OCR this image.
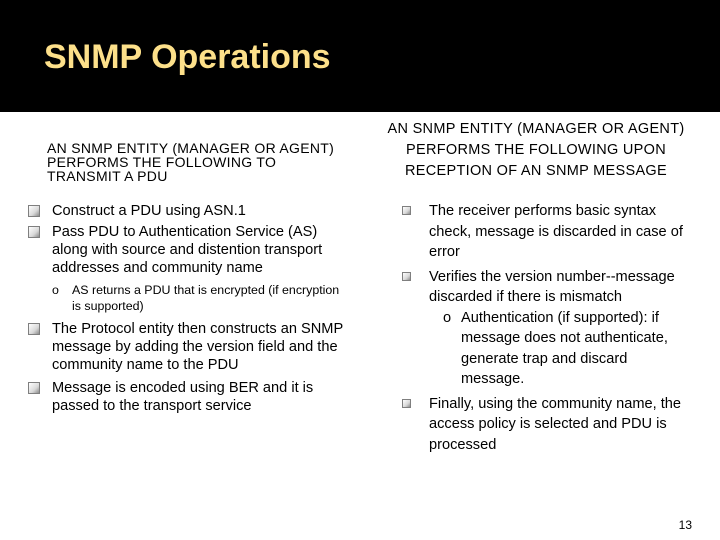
SNMP Operations
AN SNMP ENTITY (MANAGER OR AGENT) PERFORMS THE FOLLOWING TO TRANSMIT A PDU
Construct a PDU using ASN.1
Pass PDU to Authentication Service (AS) along with source and distention transport addresses and community name
o AS returns a PDU that is encrypted (if encryption is supported)
The Protocol entity then constructs an SNMP message by adding the version field and the community name to the PDU
Message is encoded using BER and it is passed to the transport service
AN SNMP ENTITY (MANAGER OR AGENT) PERFORMS THE FOLLOWING UPON RECEPTION OF AN SNMP MESSAGE
The receiver performs basic syntax check, message is discarded in case of error
Verifies the version number--message discarded if there is mismatch
o Authentication (if supported): if message does not authenticate, generate trap and discard message.
Finally, using the community name, the access policy is selected and PDU is processed
13
